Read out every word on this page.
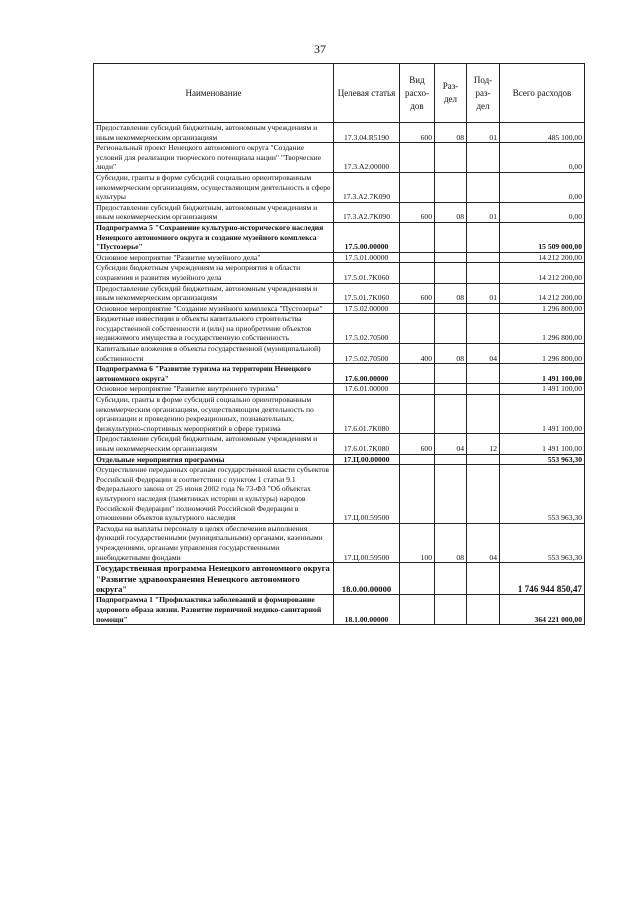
37
Наименование	Целевая статья	Вид расхо-дов	Раз-дел	Под-раз-дел	Всего расходов
Предоставление субсидий бюджетным, автономным учреждениям и иным некоммерческим организациям	17.3.04.R5190	600	08	01	485 100,00
Региональный проект Ненецкого автономного округа "Создание условий для реализации творческого потенциала нации" "Творческие люди"	17.3.A2.00000				0,00
Субсидии, гранты в форме субсидий социально ориентированным некоммерческим организациям, осуществляющим деятельность в сфере культуры	17.3.A2.7K090				0,00
Предоставление субсидий бюджетным, автономным учреждениям и иным некоммерческим организациям	17.3.A2.7K090	600	08	01	0,00
Подпрограмма 5 "Сохранение культурно-исторического наследия Ненецкого автономного округа и создание музейного комплекса "Пустозерье"	17.5.00.00000				15 509 000,00
Основное мероприятие "Развитие музейного дела"	17.5.01.00000				14 212 200,00
Субсидии бюджетным учреждениям на мероприятия в области сохранения и развития музейного дела	17.5.01.7K060				14 212 200,00
Предоставление субсидий бюджетным, автономным учреждениям и иным некоммерческим организациям	17.5.01.7K060	600	08	01	14 212 200,00
Основное мероприятие "Создание музейного комплекса "Пустозерье"	17.5.02.00000				1 296 800,00
Бюджетные инвестиции в объекты капитального строительства государственной собственности и (или) на приобретение объектов недвижимого имущества в государственную собственность	17.5.02.70500				1 296 800,00
Капитальные вложения в объекты государственной (муниципальной) собственности	17.5.02.70500	400	08	04	1 296 800,00
Подпрограмма 6 "Развитие туризма на территории Ненецкого автономного округа"	17.6.00.00000				1 491 100,00
Основное мероприятие "Развитие внутреннего туризма"	17.6.01.00000				1 491 100,00
Субсидии, гранты в форме субсидий социально ориентированным некоммерческим организациям, осуществляющим деятельность по организации и проведению рекреационных, познавательных, физкультурно-спортивных мероприятий в сфере туризма	17.6.01.7K080				1 491 100,00
Предоставление субсидий бюджетным, автономным учреждениям и иным некоммерческим организациям	17.6.01.7K080	600	04	12	1 491 100,00
Отдельные мероприятия программы	17.Ц.00.00000				553 963,30
Осуществление переданных органам государственной власти субъектов Российской Федерации в соответствии с пунктом 1 статьи 9.1 Федерального закона от 25 июня 2002 года № 73-ФЗ "Об объектах культурного наследия (памятниках истории и культуры) народов Российской Федерации" полномочий Российской Федерации в отношении объектов культурного наследия	17.Ц.00.59500				553 963,30
Расходы на выплаты персоналу в целях обеспечения выполнения функций государственными (муниципальными) органами, казенными учреждениями, органами управления государственными внебюджетными фондами	17.Ц.00.59500	100	08	04	553 963,30
Государственная программа Ненецкого автономного округа "Развитие здравоохранения Ненецкого автономного округа"	18.0.00.00000				1 746 944 850,47
Подпрограмма 1 "Профилактика заболеваний и формирование здорового образа жизни. Развитие первичной медико-санитарной помощи"	18.1.00.00000				364 221 000,00
